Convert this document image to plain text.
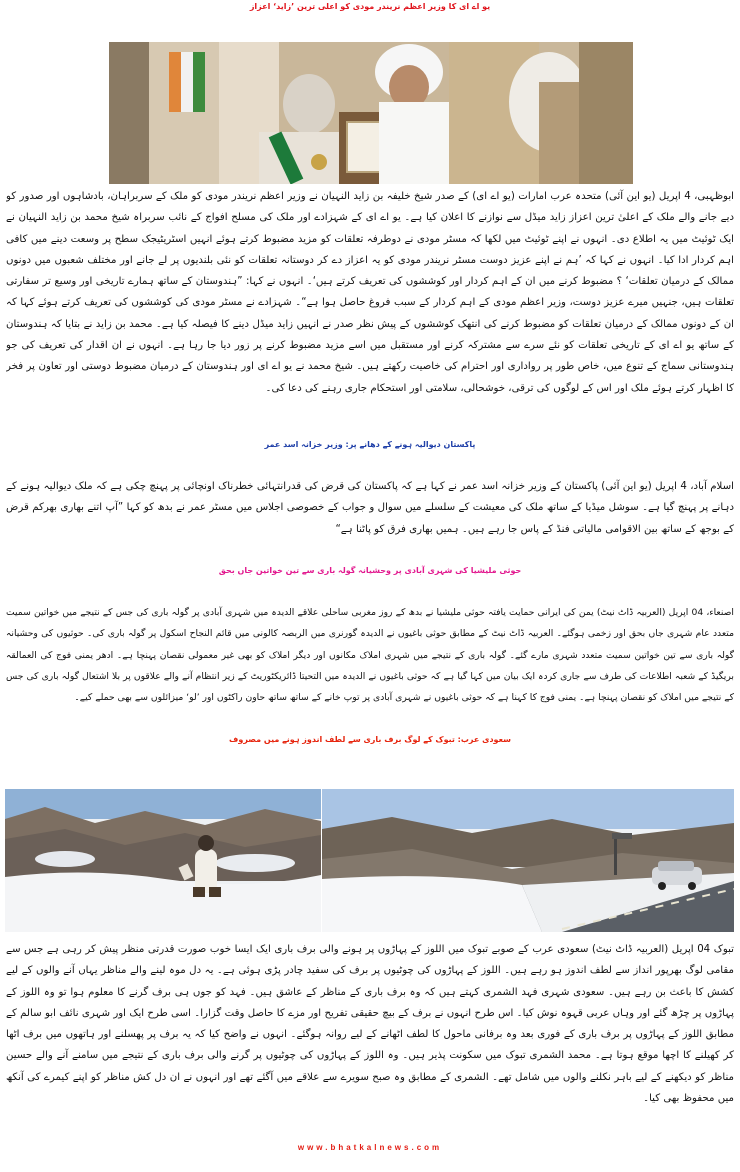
یو اے ای کا وزیر اعظم نریندر مودی کو اعلی ترین ’زاید‘ اعزاز
ابوظہبی، 4 اپریل (یو این آئی) متحدہ عرب امارات (یو اے ای) کے صدر شیخ خلیفہ بن زاید النہیان نے وزیر اعظم نریندر مودی کو ملک کے سربراہان، بادشاہوں اور صدور کو دیے جانے والے ملک کے اعلیٰ ترین اعزاز زاید میڈل سے نوازنے کا اعلان کیا ہے۔ یو اے ای کے شہزادے اور ملک کی مسلح افواج کے نائب سربراہ شیخ محمد بن زاید النہیان نے ایک ٹوئیٹ میں یہ اطلاع دی۔ انہوں نے اپنے ٹوئیٹ میں لکھا کہ مسٹر مودی نے دوطرفہ تعلقات کو مزید مضبوط کرتے ہوئے انہیں اسٹریٹیجک سطح پر وسعت دینے میں کافی اہم کردار ادا کیا۔ انہوں نے کہا کہ ’ہم نے اپنے عزیز دوست مسٹر نریندر مودی کو یہ اعزاز دے کر دوستانہ تعلقات کو نئی بلندیوں پر لے جانے اور مختلف شعبوں میں دونوں ممالک کے درمیان تعلقات‘ ؟ مضبوط کرنے میں ان کے اہم کردار اور کوششوں کی تعریف کرتے ہیں‘۔ انہوں نے کہا: ”ہندوستان کے ساتھ ہمارے تاریخی اور وسیع تر سفارتی تعلقات ہیں، جنہیں میرے عزیز دوست، وزیر اعظم مودی کے اہم کردار کے سبب فروغ حاصل ہوا ہے“۔ شہزادے نے مسٹر مودی کی کوششوں کی تعریف کرتے ہوئے کہا کہ ان کے دونوں ممالک کے درمیان تعلقات کو مضبوط کرنے کی انتھک کوششوں کے پیش نظر صدر نے انہیں زاید میڈل دینے کا فیصلہ کیا ہے۔ محمد بن زاید نے بتایا کہ ہندوستان کے ساتھ یو اے ای کے تاریخی تعلقات کو نئے سرے سے مشترکہ کرنے اور مستقبل میں اسے مزید مضبوط کرنے پر زور دیا جا رہا ہے۔ انہوں نے ان اقدار کی تعریف کی جو ہندوستانی سماج کے تنوع میں، خاص طور پر رواداری اور احترام کی خاصیت رکھتے ہیں۔ شیخ محمد نے یو اے ای اور ہندوستان کے درمیان مضبوط دوستی اور تعاون پر فخر کا اظہار کرتے ہوئے ملک اور اس کے لوگوں کی ترقی، خوشحالی، سلامتی اور استحکام جاری رہنے کی دعا کی۔
پاکستان دیوالیہ ہونے کے دھانے پر: وزیر خزانہ اسد عمر
اسلام آباد، 4 اپریل (یو این آئی) پاکستان کے وزیر خزانہ اسد عمر نے کہا ہے کہ پاکستان کی قرض کی قدرانتہائی خطرناک اونچائی پر پہنچ چکی ہے کہ ملک دیوالیہ ہونے کے دہانے پر پہنچ گیا ہے۔ سوشل میڈیا کے ساتھ ملک کی معیشت کے سلسلے میں سوال و جواب کے خصوصی اجلاس میں مسٹر عمر نے بدھ کو کہا ”آپ اتنے بھاری بھرکم قرض کے بوجھ کے ساتھ بین الاقوامی مالیاتی فنڈ کے پاس جا رہے ہیں۔ ہمیں بھاری فرق کو پاٹنا ہے“
حوثی ملیشیا کی شہری آبادی پر وحشیانہ گولہ باری سے تین خواتین جاں بحق
اصنعاء، 04 اپریل (العربیہ ڈاٹ نیٹ) یمن کی ایرانی حمایت یافتہ حوثی ملیشیا نے بدھ کے روز مغربی ساحلی علاقے الدیدہ میں شہری آبادی پر گولہ باری کی جس کے نتیجے میں خواتین سمیت متعدد عام شہری جاں بحق اور زخمی ہوگئے۔ العربیہ ڈاٹ نیٹ کے مطابق حوثی باغیوں نے الدیدہ گورنری میں الربصہ کالونی میں قائم النجاح اسکول پر گولہ باری کی۔ حوثیوں کی وحشیانہ گولہ باری سے تین خواتین سمیت متعدد شہری مارے گئے۔ گولہ باری کے نتیجے میں شہری املاک مکانوں اور دیگر املاک کو بھی غیر معمولی نقصان پہنچا ہے۔ ادھر یمنی فوج کی العمالقہ بریگیڈ کے شعبہ اطلاعات کی طرف سے جاری کردہ ایک بیان میں کہا گیا ہے کہ حوثی باغیوں نے الدیدہ میں التحیتا ڈائریکٹوریٹ کے زیر انتظام آنے والے علاقوں پر بلا اشتعال گولہ باری کی جس کے نتیجے میں املاک کو نقصان پہنچا ہے۔ یمنی فوج کا کہنا ہے کہ حوثی باغیوں نے شہری آبادی پر توپ خانے کے ساتھ ساتھ حاون راکٹوں اور ’لو‘ میزائلوں سے بھی حملے کیے۔
سعودی عرب: تبوک کے لوگ برف باری سے لطف اندوز ہونے میں مصروف
تبوک 04 اپریل (العربیہ ڈاٹ نیٹ) سعودی عرب کے صوبے تبوک میں اللوز کے پہاڑوں پر ہونے والی برف باری ایک ایسا خوب صورت قدرتی منظر پیش کر رہی ہے جس سے مقامی لوگ بھرپور انداز سے لطف اندوز ہو رہے ہیں۔ اللوز کے پہاڑوں کی چوٹیوں پر برف کی سفید چادر پڑی ہوئی ہے۔ یہ دل موہ لینے والے مناظر یہاں آنے والوں کے لیے کشش کا باعث بن رہے ہیں۔ سعودی شہری فہد الشمری کہتے ہیں کہ وہ برف باری کے مناظر کے عاشق ہیں۔ فہد کو جوں ہی برف گرنے کا معلوم ہوا تو وہ اللوز کے پہاڑوں پر چڑھ گئے اور وہاں عربی قہوہ نوش کیا۔ اس طرح انہوں نے برف کے بیچ حقیقی تفریح اور مزے کا حاصل وقت گزارا۔ اسی طرح ایک اور شہری نائف ابو سالم کے مطابق اللوز کے پہاڑوں پر برف باری کے فوری بعد وہ برفانی ماحول کا لطف اٹھانے کے لیے روانہ ہوگئے۔ انہوں نے واضح کیا کہ یہ برف پر پھسلنے اور ہاتھوں میں برف اٹھا کر کھیلنے کا اچھا موقع ہوتا ہے۔ محمد الشمری تبوک میں سکونت پذیر ہیں۔ وہ اللوز کے پہاڑوں کی چوٹیوں پر گرنے والی برف باری کے نتیجے میں سامنے آنے والے حسین مناظر کو دیکھنے کے لیے باہر نکلنے والوں میں شامل تھے۔ الشمری کے مطابق وہ صبح سویرے سے علاقے میں آگئے تھے اور انہوں نے ان دل کش مناظر کو اپنے کیمرے کی آنکھ میں محفوظ بھی کیا۔
www.bhatkalnews.com
